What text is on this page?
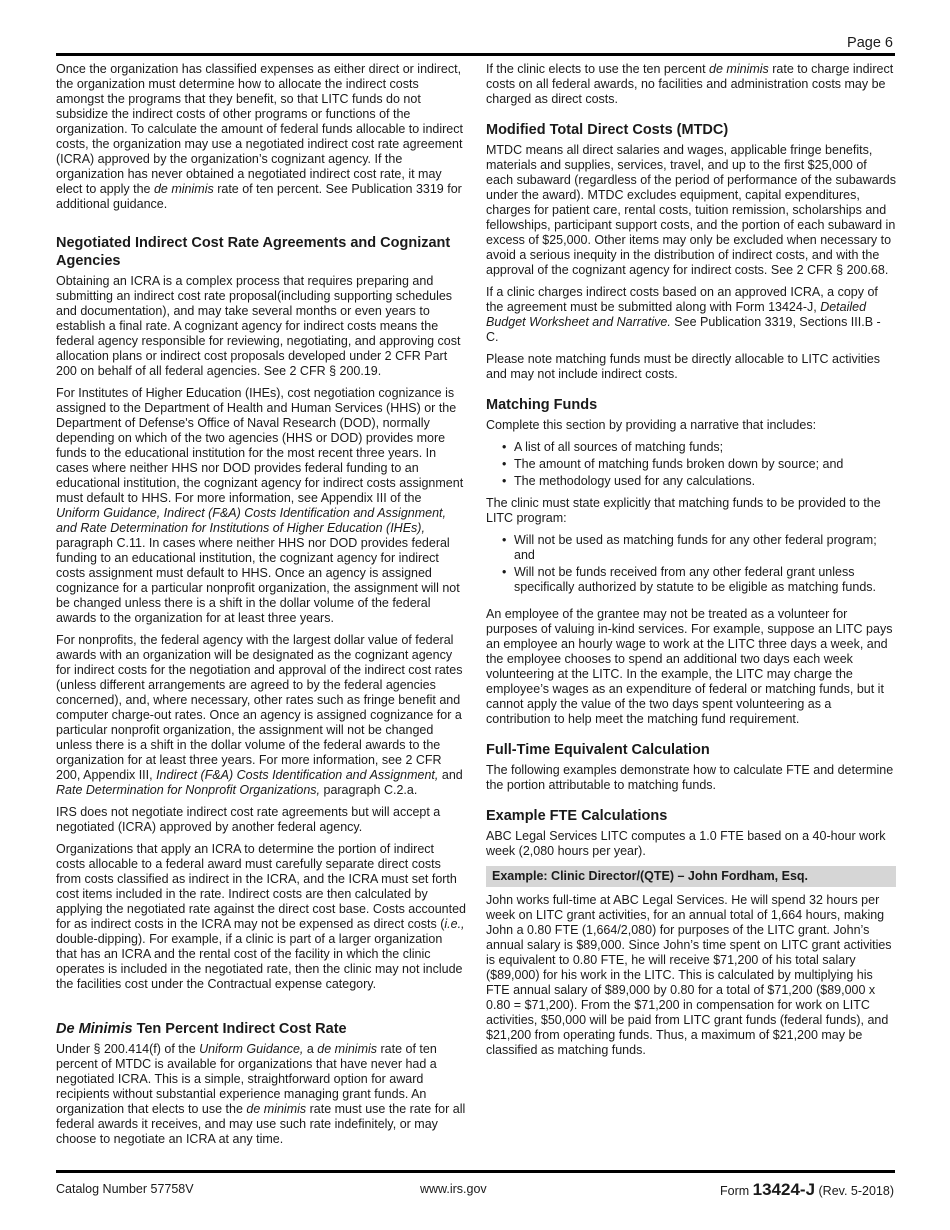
Page 6

Once the organization has classified expenses as either direct or indirect, the organization must determine how to allocate the indirect costs amongst the programs that they benefit, so that LITC funds do not subsidize the indirect costs of other programs or functions of the organization. To calculate the amount of federal funds allocable to indirect costs, the organization may use a negotiated indirect cost rate agreement (ICRA) approved by the organization’s cognizant agency. If the organization has never obtained a negotiated indirect cost rate, it may elect to apply the de minimis rate of ten percent. See Publication 3319 for additional guidance.

Negotiated Indirect Cost Rate Agreements and Cognizant Agencies

Obtaining an ICRA is a complex process that requires preparing and submitting an indirect cost rate proposal(including supporting schedules and documentation), and may take several months or even years to establish a final rate. A cognizant agency for indirect costs means the federal agency responsible for reviewing, negotiating, and approving cost allocation plans or indirect cost proposals developed under 2 CFR Part 200 on behalf of all federal agencies. See 2 CFR § 200.19.

For Institutes of Higher Education (IHEs), cost negotiation cognizance is assigned to the Department of Health and Human Services (HHS) or the Department of Defense's Office of Naval Research (DOD), normally depending on which of the two agencies (HHS or DOD) provides more funds to the educational institution for the most recent three years. In cases where neither HHS nor DOD provides federal funding to an educational institution, the cognizant agency for indirect costs assignment must default to HHS. For more information, see Appendix III of the Uniform Guidance, Indirect (F&A) Costs Identification and Assignment, and Rate Determination for Institutions of Higher Education (IHEs), paragraph C.11. In cases where neither HHS nor DOD provides federal funding to an educational institution, the cognizant agency for indirect costs assignment must default to HHS. Once an agency is assigned cognizance for a particular nonprofit organization, the assignment will not be changed unless there is a shift in the dollar volume of the federal awards to the organization for at least three years.

For nonprofits, the federal agency with the largest dollar value of federal awards with an organization will be designated as the cognizant agency for indirect costs for the negotiation and approval of the indirect cost rates (unless different arrangements are agreed to by the federal agencies concerned), and, where necessary, other rates such as fringe benefit and computer charge-out rates. Once an agency is assigned cognizance for a particular nonprofit organization, the assignment will not be changed unless there is a shift in the dollar volume of the federal awards to the organization for at least three years. For more information, see 2 CFR 200, Appendix III, Indirect (F&A) Costs Identification and Assignment, and Rate Determination for Nonprofit Organizations, paragraph C.2.a.

IRS does not negotiate indirect cost rate agreements but will accept a negotiated (ICRA) approved by another federal agency.

Organizations that apply an ICRA to determine the portion of indirect costs allocable to a federal award must carefully separate direct costs from costs classified as indirect in the ICRA, and the ICRA must set forth cost items included in the rate. Indirect costs are then calculated by applying the negotiated rate against the direct cost base. Costs accounted for as indirect costs in the ICRA may not be expensed as direct costs (i.e., double-dipping). For example, if a clinic is part of a larger organization that has an ICRA and the rental cost of the facility in which the clinic operates is included in the negotiated rate, then the clinic may not include the facilities cost under the Contractual expense category.

De Minimis Ten Percent Indirect Cost Rate

Under § 200.414(f) of the Uniform Guidance, a de minimis rate of ten percent of MTDC is available for organizations that have never had a negotiated ICRA. This is a simple, straightforward option for award recipients without substantial experience managing grant funds. An organization that elects to use the de minimis rate must use the rate for all federal awards it receives, and may use such rate indefinitely, or may choose to negotiate an ICRA at any time.

If the clinic elects to use the ten percent de minimis rate to charge indirect costs on all federal awards, no facilities and administration costs may be charged as direct costs.

Modified Total Direct Costs (MTDC)

MTDC means all direct salaries and wages, applicable fringe benefits, materials and supplies, services, travel, and up to the first $25,000 of each subaward (regardless of the period of performance of the subawards under the award). MTDC excludes equipment, capital expenditures, charges for patient care, rental costs, tuition remission, scholarships and fellowships, participant support costs, and the portion of each subaward in excess of $25,000. Other items may only be excluded when necessary to avoid a serious inequity in the distribution of indirect costs, and with the approval of the cognizant agency for indirect costs. See 2 CFR § 200.68.

If a clinic charges indirect costs based on an approved ICRA, a copy of the agreement must be submitted along with Form 13424-J, Detailed Budget Worksheet and Narrative. See Publication 3319, Sections III.B - C.

Please note matching funds must be directly allocable to LITC activities and may not include indirect costs.

Matching Funds

Complete this section by providing a narrative that includes:

• A list of all sources of matching funds;
• The amount of matching funds broken down by source; and
• The methodology used for any calculations.

The clinic must state explicitly that matching funds to be provided to the LITC program:

• Will not be used as matching funds for any other federal program; and
• Will not be funds received from any other federal grant unless specifically authorized by statute to be eligible as matching funds.

An employee of the grantee may not be treated as a volunteer for purposes of valuing in-kind services. For example, suppose an LITC pays an employee an hourly wage to work at the LITC three days a week, and the employee chooses to spend an additional two days each week volunteering at the LITC. In the example, the LITC may charge the employee’s wages as an expenditure of federal or matching funds, but it cannot apply the value of the two days spent volunteering as a contribution to help meet the matching fund requirement.

Full-Time Equivalent Calculation

The following examples demonstrate how to calculate FTE and determine the portion attributable to matching funds.

Example FTE Calculations

ABC Legal Services LITC computes a 1.0 FTE based on a 40-hour work week (2,080 hours per year).

Example: Clinic Director/(QTE) – John Fordham, Esq.

John works full-time at ABC Legal Services. He will spend 32 hours per week on LITC grant activities, for an annual total of 1,664 hours, making John a 0.80 FTE (1,664/2,080) for purposes of the LITC grant. John’s annual salary is $89,000. Since John’s time spent on LITC grant activities is equivalent to 0.80 FTE, he will receive $71,200 of his total salary ($89,000) for his work in the LITC. This is calculated by multiplying his FTE annual salary of $89,000 by 0.80 for a total of $71,200 ($89,000 x 0.80 = $71,200). From the $71,200 in compensation for work on LITC activities, $50,000 will be paid from LITC grant funds (federal funds), and $21,200 from operating funds. Thus, a maximum of $21,200 may be classified as matching funds.

Catalog Number 57758V	www.irs.gov	Form 13424-J (Rev. 5-2018)
